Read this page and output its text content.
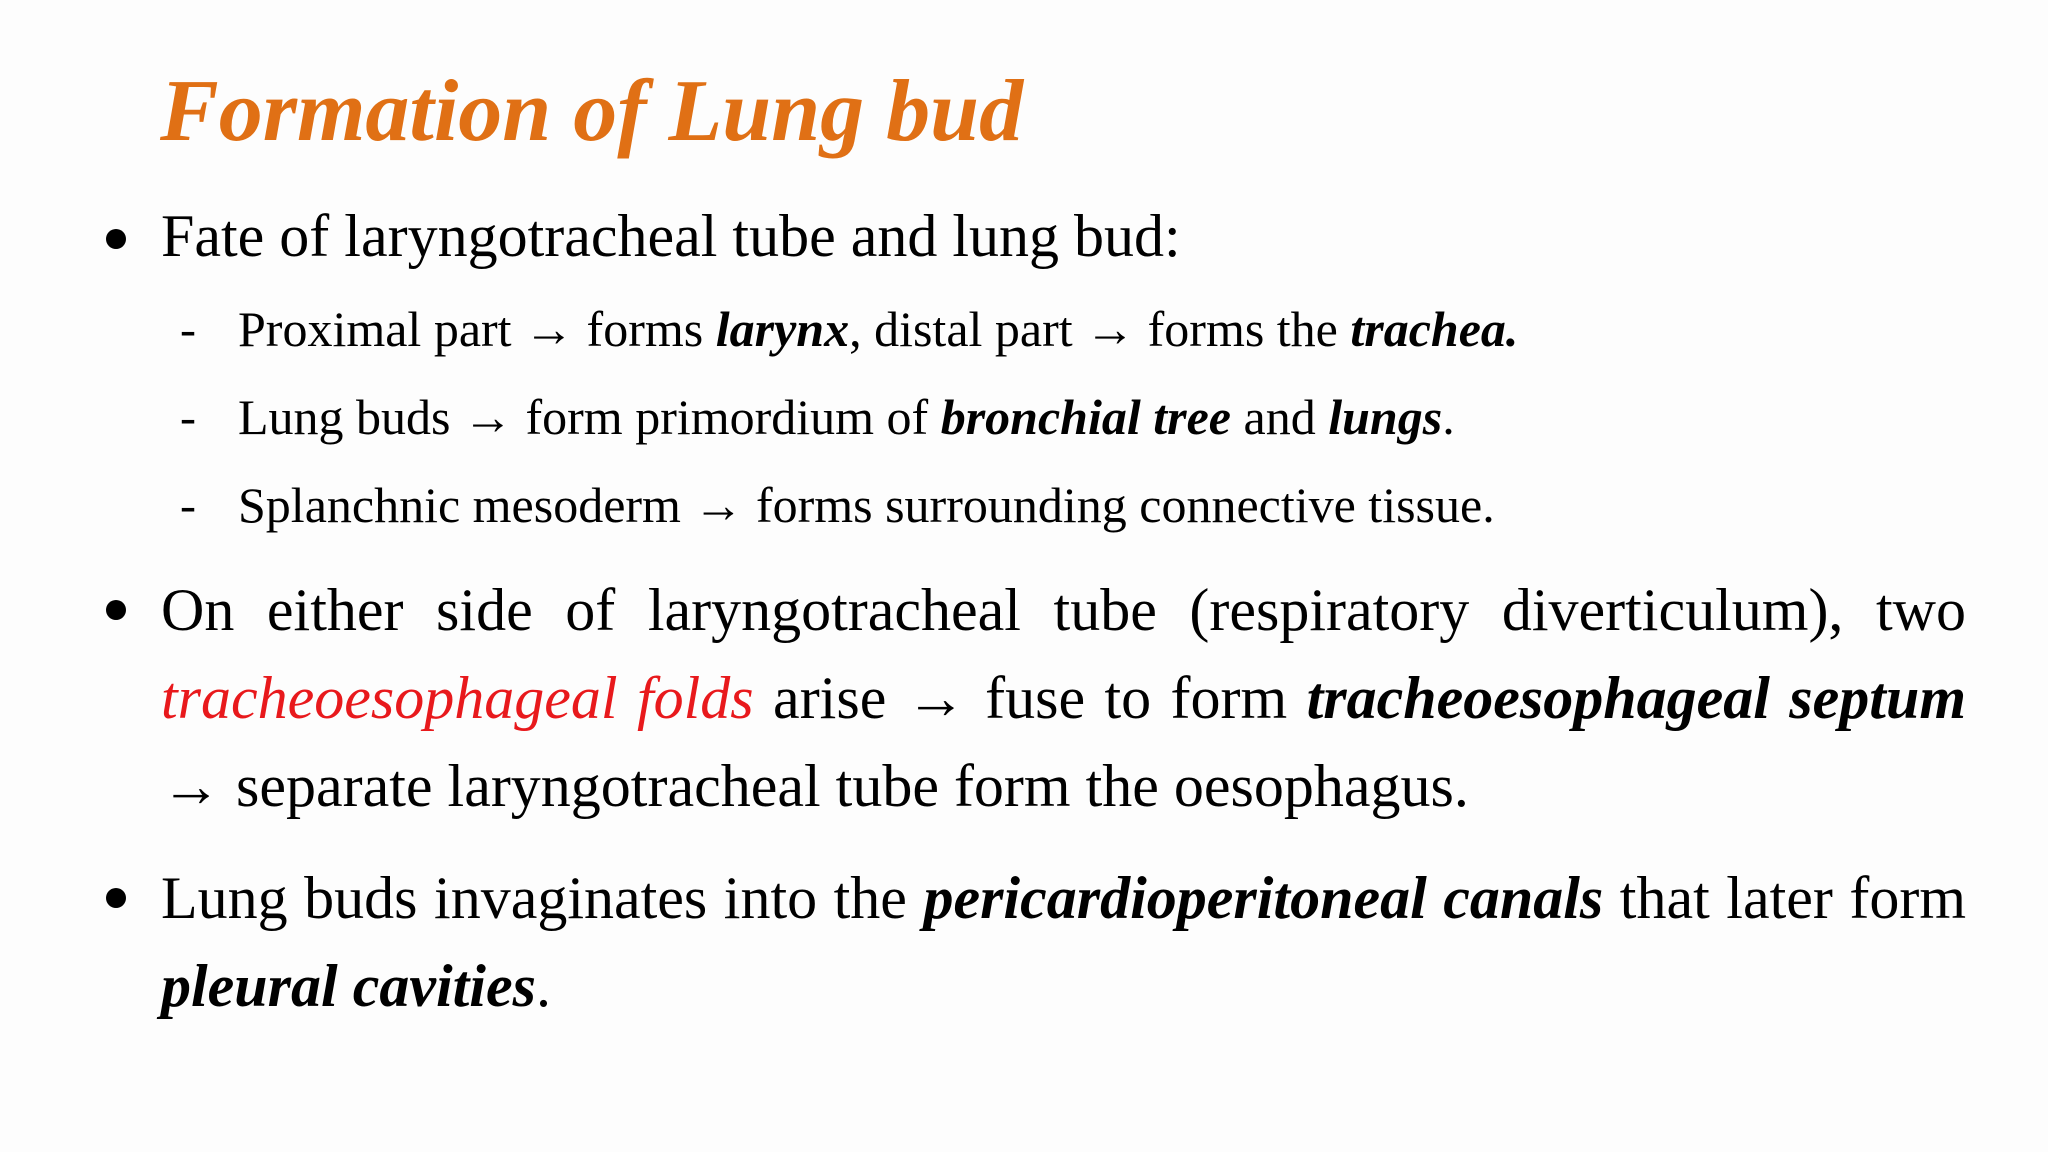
Formation of Lung bud
Fate of laryngotracheal tube and lung bud:
- Proximal part → forms larynx, distal part → forms the trachea.
- Lung buds → form primordium of bronchial tree and lungs.
- Splanchnic mesoderm → forms surrounding connective tissue.
On either side of laryngotracheal tube (respiratory diverticulum), two tracheoesophageal folds arise → fuse to form tracheoesophageal septum → separate laryngotracheal tube form the oesophagus.
Lung buds invaginates into the pericardioperitoneal canals that later form pleural cavities.
